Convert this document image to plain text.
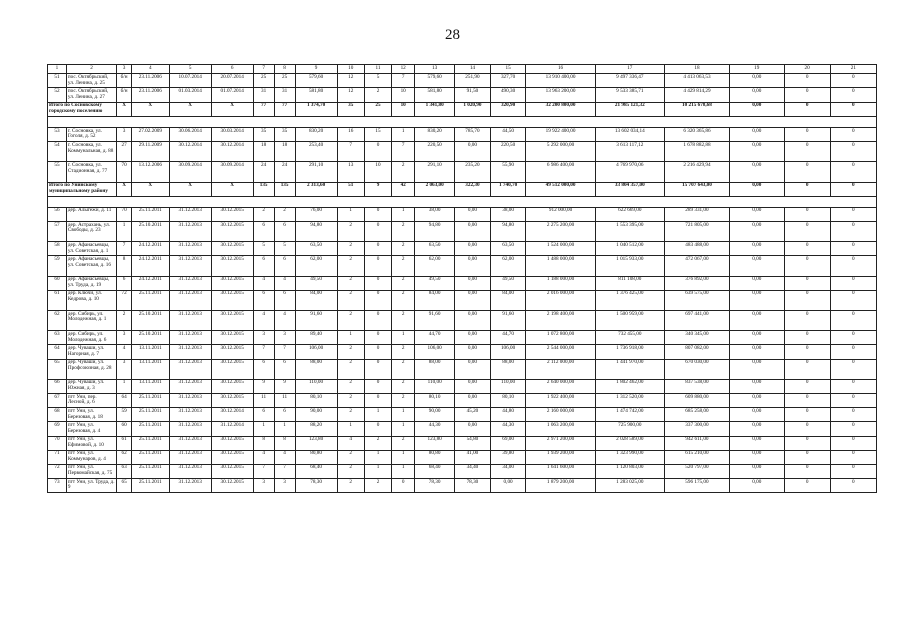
28
1	2	3	4	5	6	7	8	9	10	11	12	13	14	15	16	17	18	19	20	21
51	пос. Октябрьский, ул. Ленина, д. 25	б/н	23.11.2006	10.07.2014	20.07.2014	25	25	579,60	12	5	7	579,60	251,90	327,70	13 910 400,00	9 497 336,47	4 413 063,53	0,00	0	0
52	пос. Октябрьский, ул. Ленина, д. 27	б/н	23.11.2006	01.03.2014	01.07.2014	31	31	581,80	12	2	10	581,80	91,50	490,30	13 963 200,00	9 533 385,71	4 429 814,29	0,00	0	0
Итого по Сосновскому городскому поселению		X	X	X	X	77	77	1 374,70	35	25	10	1 341,80	1 020,90	320,90	32 200 800,00	21 985 121,32	10 215 678,68	0,00	0	0

53	г. Сосновка, ул. Гоголя, д. 52	3	27.02.2009	30.06.2014	30.03.2014	35	35	830,20	16	15	1	830,20	785,70	44,50	19 922 400,00	13 602 034,14	6 320 365,86	0,00	0	0
54	г. Сосновка, ул. Коммунальная, д. 88	27	29.11.2009	30.12.2014	30.12.2014	18	18	253,40	7	0	7	220,50	0,00	220,50	5 292 000,00	3 613 117,12	1 678 882,88	0,00	0	0
55	г. Сосновка, ул. Стадионная, д. 77	70	13.12.2006	30.09.2014	30.09.2014	24	24	291,10	13	10	2	291,10	235,20	55,90	6 986 400,00	4 769 970,06	2 216 429,94	0,00	0	0
Итого по Унинскому муниципальному району		X	X	X	X	135	135	2 313,60	51	9	42	2 063,00	322,30	1 740,70	49 512 000,00	33 804 357,00	15 707 643,00	0,00	0	0

56	дер. Алыгежи, д. 11	70	25.11.2011	31.12.2013	30.12.2015	2	2	76,00	1	0	1	38,00	0,00	38,00	912 000,00	622 669,00	289 331,00	0,00	0	0
57	дер. Астрахань, ул. Свободы, д. 23	1	25.10.2011	31.12.2013	30.12.2015	6	6	94,80	2	0	2	94,80	0,00	94,80	2 275 200,00	1 553 395,00	721 805,00	0,00	0	0
58	дер. Афанасьевцы, ул. Советская, д. 1	7	24.12.2011	31.12.2013	30.12.2015	5	5	63,50	2	0	2	63,50	0,00	63,50	1 524 000,00	1 040 512,00	483 488,00	0,00	0	0
59	дер. Афанасьевцы, ул. Советская, д. 16	8	24.12.2011	31.12.2013	30.12.2015	6	6	62,00	2	0	2	62,00	0,00	62,00	1 488 000,00	1 015 933,00	472 067,00	0,00	0	0
60	дер. Афанасьевцы, ул. Труда, д. 19	6	24.12.2011	31.12.2013	30.12.2015	4	4	49,50	2	0	2	49,50	0,00	49,50	1 188 000,00	811 108,00	376 892,00	0,00	0	0
61	дер. Ключи, ул. Кедрова, д. 10	72	25.11.2011	31.12.2013	30.12.2015	6	6	84,00	2	0	2	84,00	0,00	84,00	2 016 000,00	1 376 425,00	639 575,00	0,00	0	0
62	дер. Сибирь, ул. Молодежная, д. 1	2	25.10.2011	31.12.2013	30.12.2015	4	4	91,60	2	0	2	91,60	0,00	91,60	2 198 400,00	1 500 959,00	697 441,00	0,00	0	0
63	дер. Сибирь, ул. Молодежная, д. 6	3	25.10.2011	31.12.2013	30.12.2015	3	3	89,40	1	0	1	44,70	0,00	44,70	1 072 800,00	732 455,00	340 345,00	0,00	0	0
64	дер. Чуваши, ул. Нагорная, д. 7	4	13.11.2011	31.12.2013	30.12.2015	7	7	106,00	2	0	2	106,00	0,00	106,00	2 544 000,00	1 736 918,00	807 082,00	0,00	0	0
65	дер. Чуваши, ул. Профсоюзная, д. 28	3	13.11.2011	31.12.2013	30.12.2015	6	6	88,00	2	0	2	88,00	0,00	88,00	2 112 000,00	1 441 970,00	670 030,00	0,00	0	0
66	дер. Чуваши, ул. Южная, д. 3	1	13.11.2011	31.12.2013	30.12.2015	9	9	110,00	2	0	2	110,00	0,00	110,00	2 640 000,00	1 802 462,00	837 538,00	0,00	0	0
67	пгт Уни, пер. Лесной, д. 6	64	25.11.2011	31.12.2013	30.12.2015	11	11	80,10	2	0	2	80,10	0,00	80,10	1 922 400,00	1 312 520,00	609 880,00	0,00	0	0
68	пгт Уни, ул. Березовая, д. 18	59	25.11.2011	31.12.2013	30.12.2014	6	6	90,00	2	1	1	90,00	45,20	44,80	2 160 000,00	1 474 742,00	685 258,00	0,00	0	0
69	пгт Уни, ул. Березовая, д. 4	60	25.11.2011	31.12.2013	31.12.2014	1	1	88,20	1	0	1	44,30	0,00	44,30	1 063 200,00	725 900,00	337 300,00	0,00	0	0
70	пгт Уни, ул. Ефимовой, д. 10	61	25.11.2011	31.12.2013	30.12.2015	8	8	123,80	4	2	2	123,80	54,80	69,00	2 971 200,00	2 028 589,00	942 611,00	0,00	0	0
71	пгт Уни, ул. Коммунаров, д. 4	62	25.11.2011	31.12.2013	30.12.2015	4	4	80,80	2	1	1	80,80	41,00	39,80	1 939 200,00	1 323 990,00	615 210,00	0,00	0	0
72	пгт Уни, ул. Первомайская, д. 75	63	25.11.2011	31.12.2013	30.12.2015	7	7	68,40	2	1	1	68,40	34,40	34,00	1 641 600,00	1 120 803,00	520 797,00	0,00	0	0
73	пгт Уни, ул. Труда, д. 9	65	25.11.2011	31.12.2013	30.12.2015	3	3	78,30	2	2	0	78,30	78,30	0,00	1 879 200,00	1 283 025,00	596 175,00	0,00	0	0
